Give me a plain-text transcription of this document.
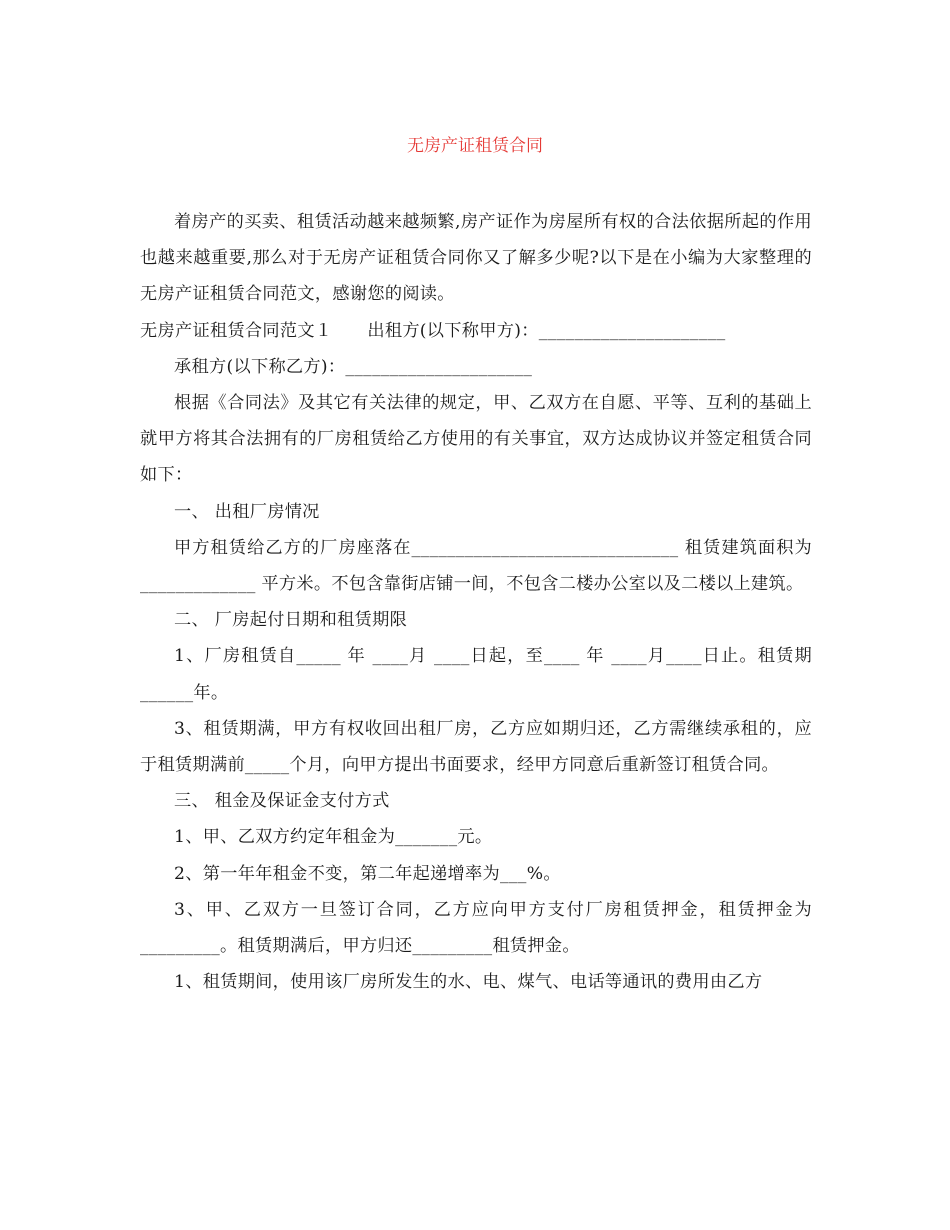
无房产证租赁合同

着房产的买卖、租赁活动越来越频繁,房产证作为房屋所有权的合法依据所起的作用也越来越重要,那么对于无房产证租赁合同你又了解多少呢?以下是在小编为大家整理的无房产证租赁合同范文，感谢您的阅读。

无房产证租赁合同范文１　　出租方(以下称甲方)：_____________________

承租方(以下称乙方)：_____________________

根据《合同法》及其它有关法律的规定，甲、乙双方在自愿、平等、互利的基础上就甲方将其合法拥有的厂房租赁给乙方使用的有关事宜，双方达成协议并签定租赁合同如下：

一、 出租厂房情况

甲方租赁给乙方的厂房座落在______________________________ 租赁建筑面积为_____________ 平方米。不包含靠街店铺一间，不包含二楼办公室以及二楼以上建筑。

二、 厂房起付日期和租赁期限

1、厂房租赁自_____ 年 ____月 ____日起，至____ 年 ____月____日止。租赁期______年。

3、租赁期满，甲方有权收回出租厂房，乙方应如期归还，乙方需继续承租的，应于租赁期满前_____个月，向甲方提出书面要求，经甲方同意后重新签订租赁合同。

三、 租金及保证金支付方式

1、甲、乙双方约定年租金为_______元。

2、第一年年租金不变，第二年起递增率为___%。

3、甲、乙双方一旦签订合同，乙方应向甲方支付厂房租赁押金，租赁押金为_________。租赁期满后，甲方归还_________租赁押金。

1、租赁期间，使用该厂房所发生的水、电、煤气、电话等通讯的费用由乙方
